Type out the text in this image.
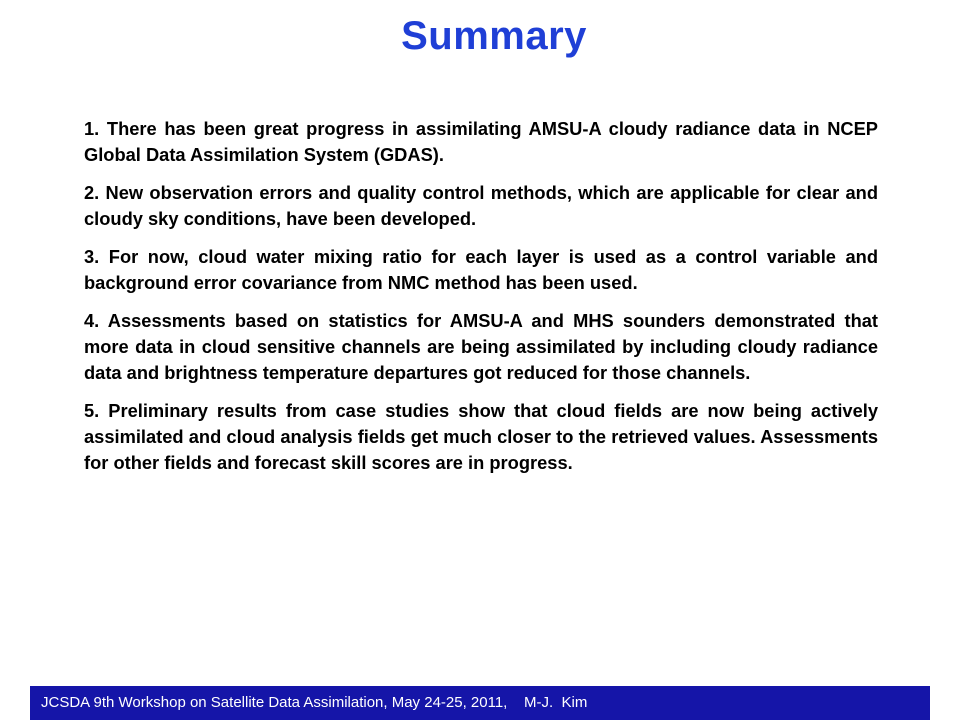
Summary

1. There has been great progress in assimilating AMSU-A cloudy radiance data in NCEP Global Data Assimilation System (GDAS).

2. New observation errors and quality control methods, which are applicable for clear and cloudy sky conditions, have been developed.

3. For now, cloud water mixing ratio for each layer is used as a control variable and background error covariance from NMC method has been used.

4. Assessments based on statistics for AMSU-A and MHS sounders demonstrated that more data in cloud sensitive channels are being assimilated by including cloudy radiance data and brightness temperature departures got reduced for those channels.

5. Preliminary results from case studies show that cloud fields are now being actively assimilated and cloud analysis fields get much closer to the retrieved values. Assessments for other fields and forecast skill scores are in progress.

JCSDA 9th Workshop on Satellite Data Assimilation, May 24-25, 2011,    M-J.  Kim
